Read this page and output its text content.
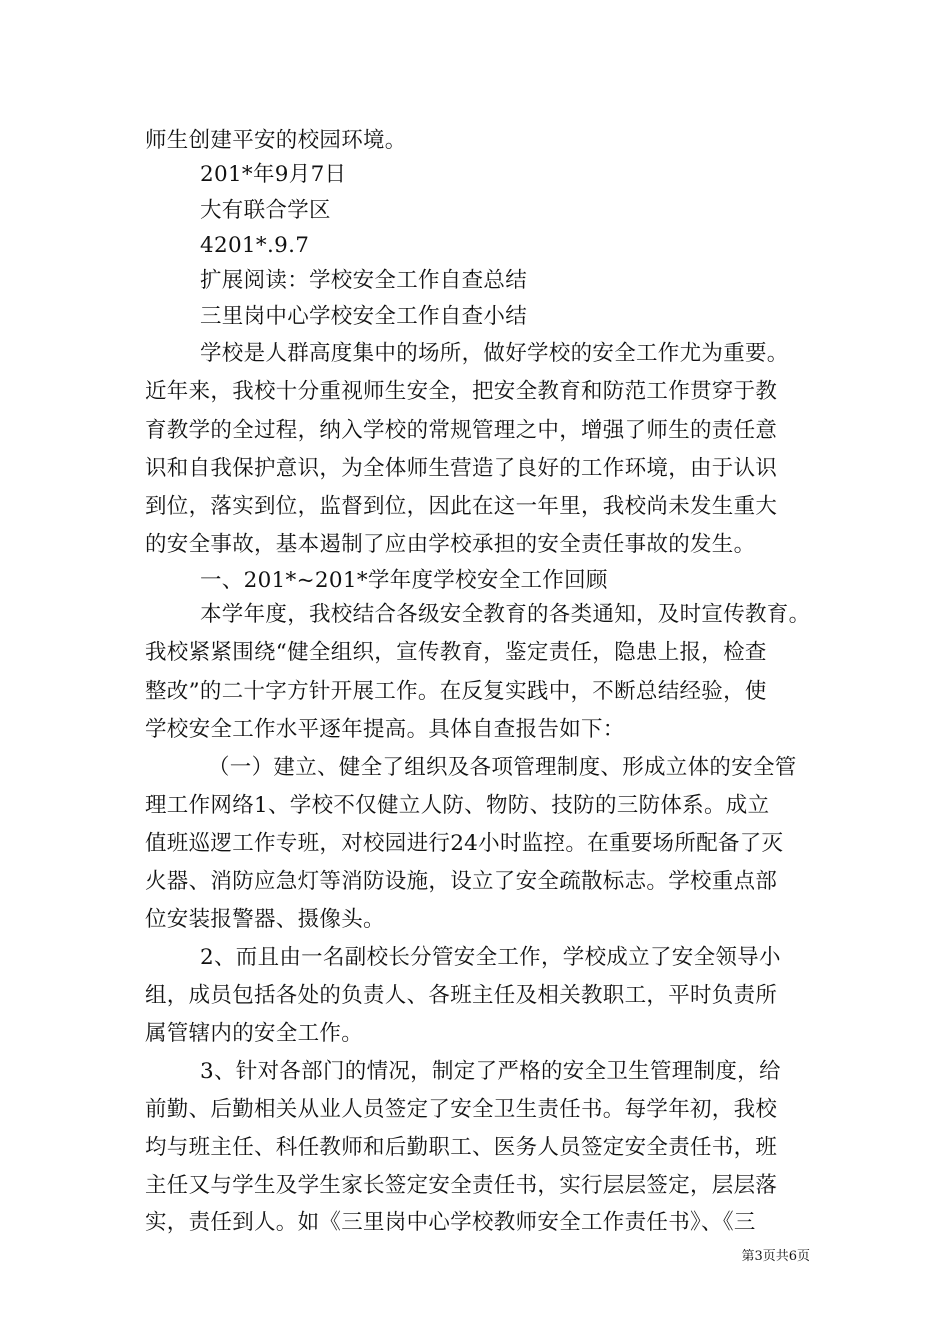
师生创建平安的校园环境。
201*年9月7日
大有联合学区
4201*.9.7
扩展阅读：学校安全工作自查总结
三里岗中心学校安全工作自查小结
学校是人群高度集中的场所，做好学校的安全工作尤为重要。
近年来，我校十分重视师生安全，把安全教育和防范工作贯穿于教
育教学的全过程，纳入学校的常规管理之中，增强了师生的责任意
识和自我保护意识，为全体师生营造了良好的工作环境，由于认识
到位，落实到位，监督到位，因此在这一年里，我校尚未发生重大
的安全事故，基本遏制了应由学校承担的安全责任事故的发生。
一、201*~201*学年度学校安全工作回顾
本学年度，我校结合各级安全教育的各类通知，及时宣传教育。
我校紧紧围绕“健全组织，宣传教育，鉴定责任，隐患上报，检查
整改”的二十字方针开展工作。在反复实践中，不断总结经验，使
学校安全工作水平逐年提高。具体自查报告如下：
（一）建立、健全了组织及各项管理制度、形成立体的安全管
理工作网络1、学校不仅健立人防、物防、技防的三防体系。成立
值班巡逻工作专班，对校园进行24小时监控。在重要场所配备了灭
火器、消防应急灯等消防设施，设立了安全疏散标志。学校重点部
位安装报警器、摄像头。
2、而且由一名副校长分管安全工作，学校成立了安全领导小
组，成员包括各处的负责人、各班主任及相关教职工，平时负责所
属管辖内的安全工作。
3、针对各部门的情况，制定了严格的安全卫生管理制度，给
前勤、后勤相关从业人员签定了安全卫生责任书。每学年初，我校
均与班主任、科任教师和后勤职工、医务人员签定安全责任书，班
主任又与学生及学生家长签定安全责任书，实行层层签定，层层落
实，责任到人。如《三里岗中心学校教师安全工作责任书》、《三
第3页共6页
